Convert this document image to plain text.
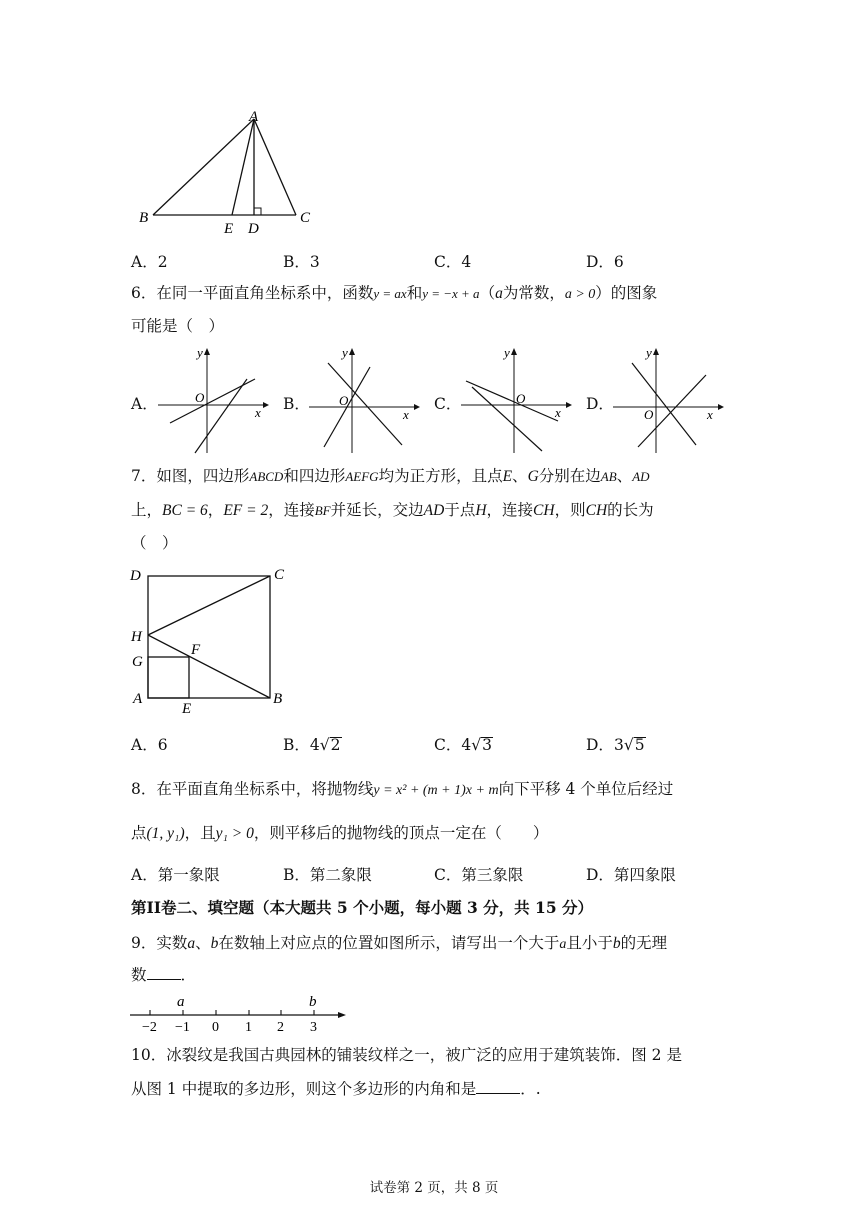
A
B	C
E D
A．2	B．3	C．4	D．6
6．在同一平面直角坐标系中，函数y = ax和y = −x + a（a为常数，a > 0）的图象
可能是（　）
A．
y
x
O	B．
y
x
O	C．
y
x
O	D．
y
x
O
7．如图，四边形ABCD和四边形AEFG均为正方形，且点E、G分别在边AB、AD
上，BC = 6，EF = 2，连接BF并延长，交边AD于点H，连接CH，则CH的长为
（　）
D	C
H
F
G
A
E
B
A．6	B．4√2	C．4√3	D．3√5
8．在平面直角坐标系中，将抛物线y = x² + (m + 1)x + m向下平移 4 个单位后经过
点(1, y₁)，且y₁ > 0，则平移后的抛物线的顶点一定在（　　）
A．第一象限	B．第二象限	C．第三象限	D．第四象限
第II卷二、填空题（本大题共 5 个小题，每小题 3 分，共 15 分）
9．实数a、b在数轴上对应点的位置如图所示，请写出一个大于a且小于b的无理
数 ．
−2 −1 0 1 2 3
a	b
10．冰裂纹是我国古典园林的铺装纹样之一，被广泛的应用于建筑装饰．图 2 是
从图 1 中提取的多边形，则这个多边形的内角和是	．.
试卷第 2 页，共 8 页
